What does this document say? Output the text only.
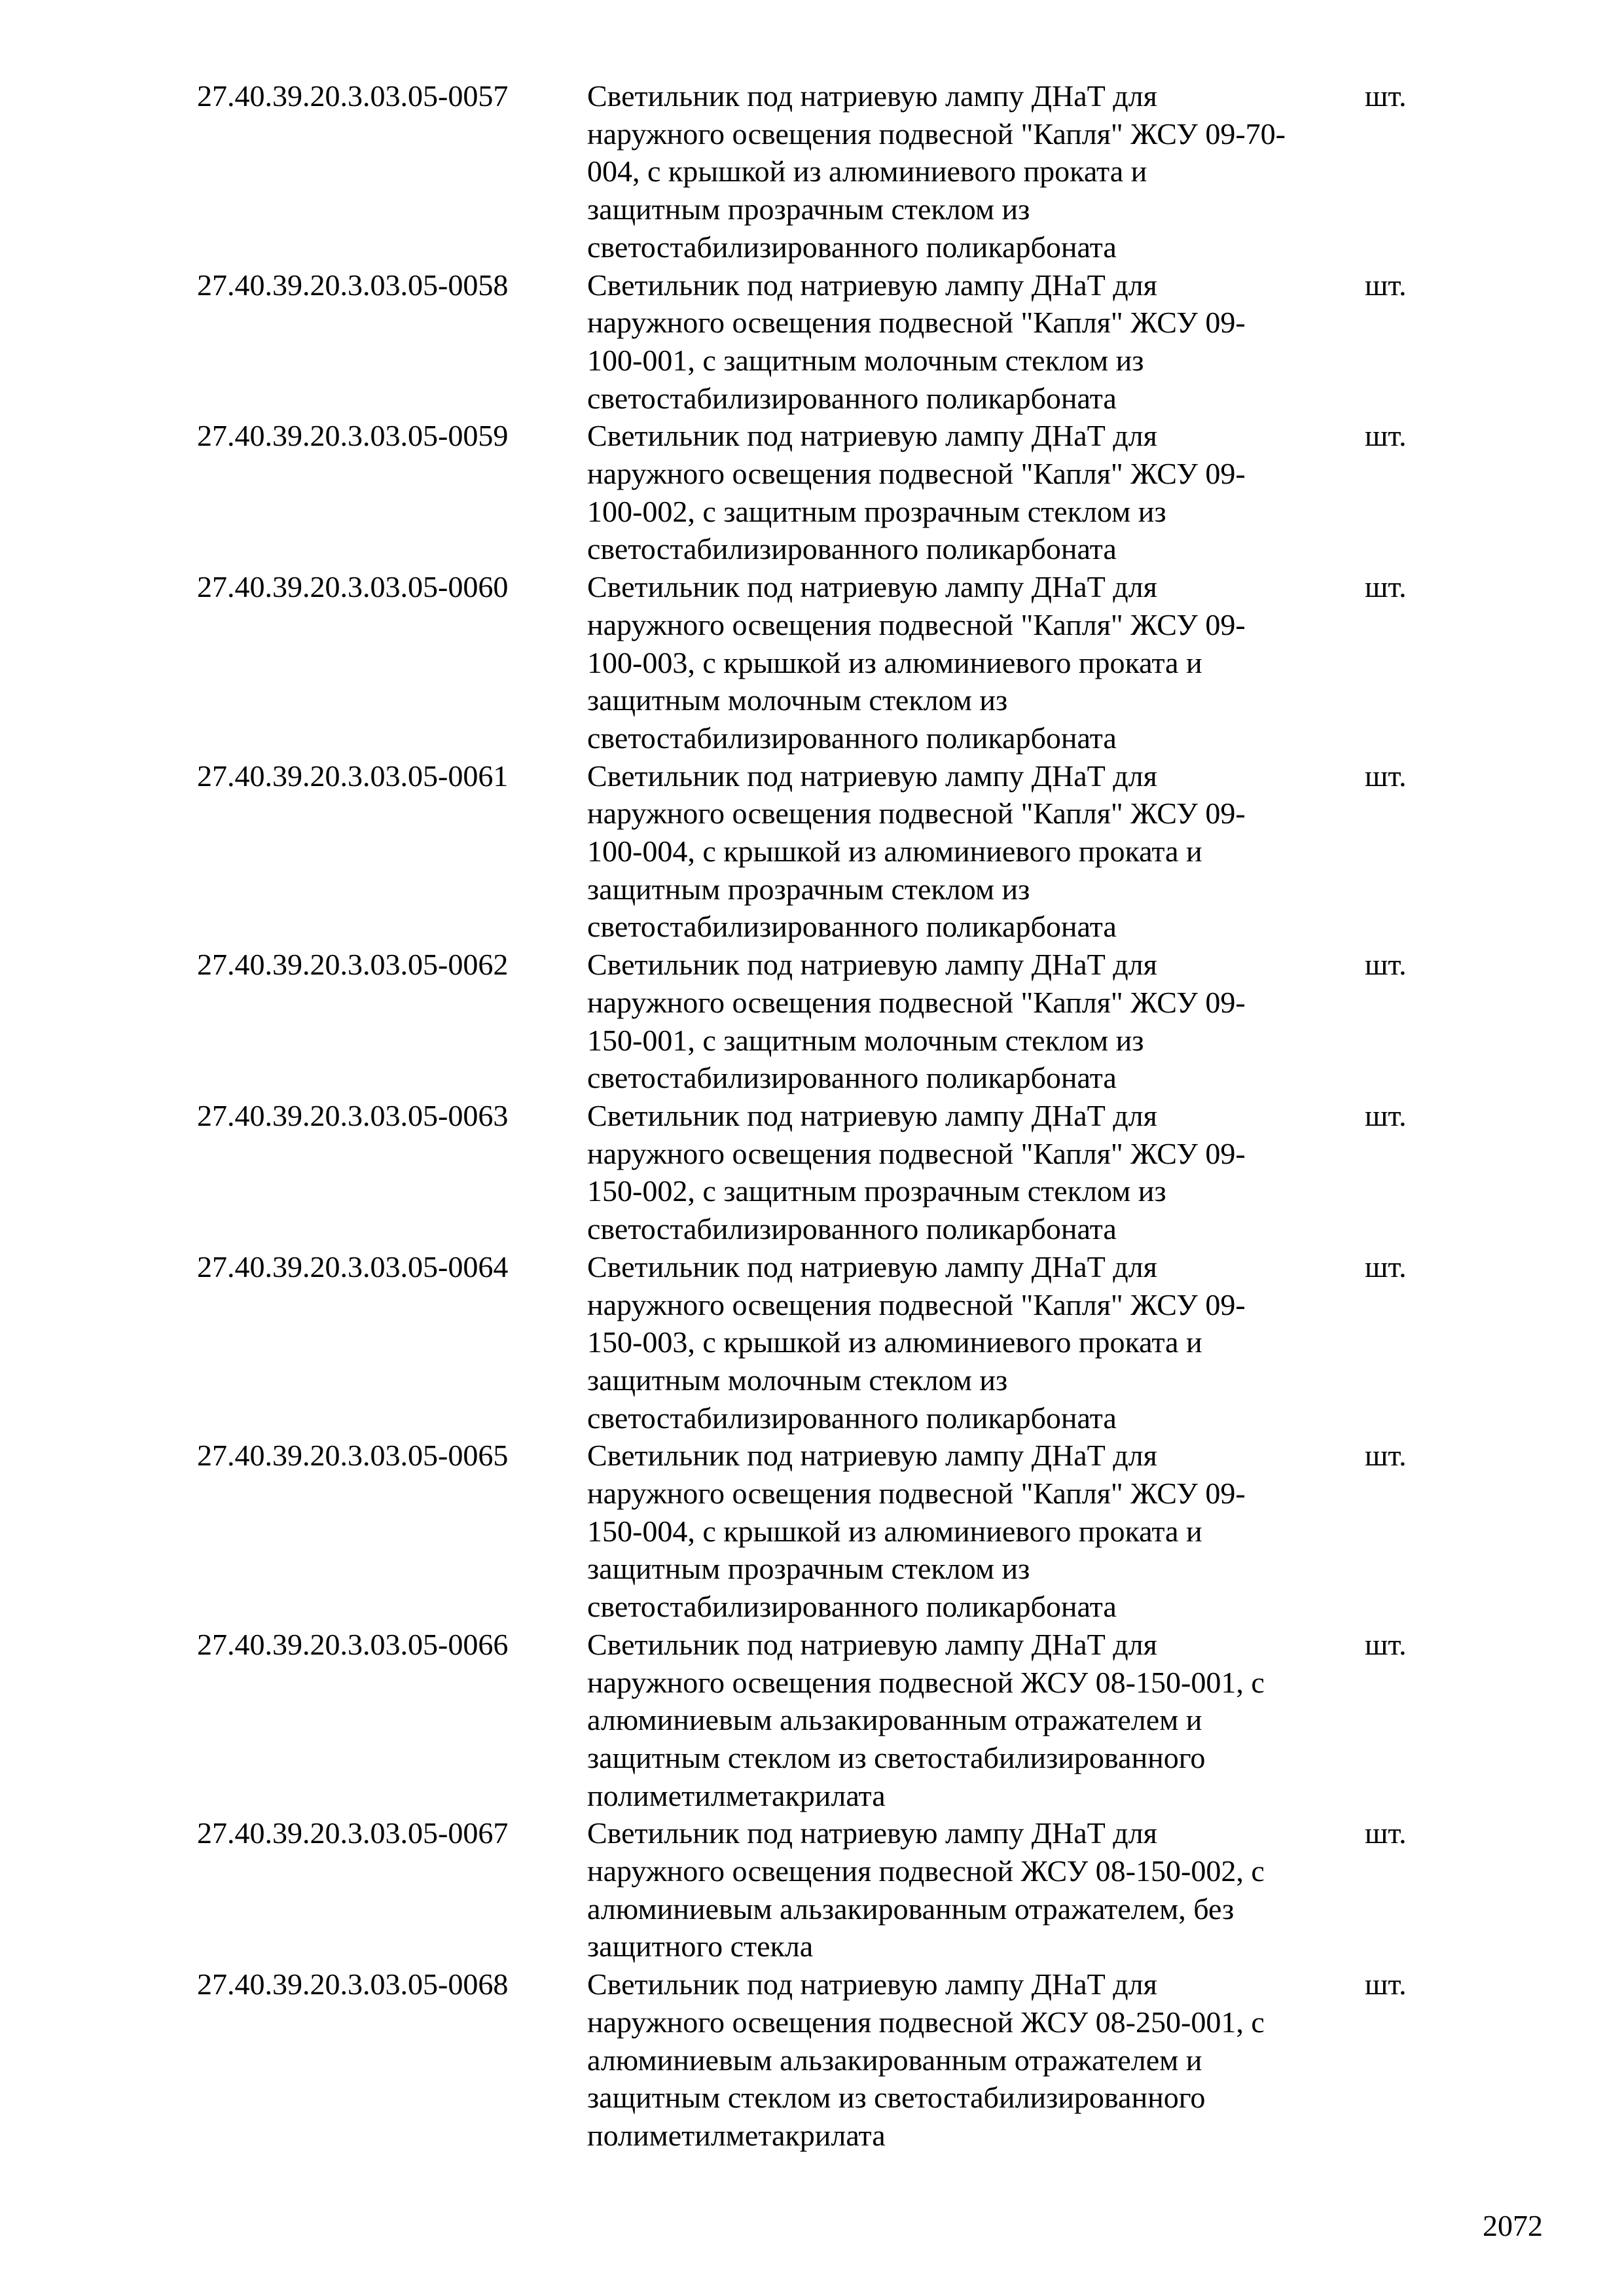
27.40.39.20.3.03.05-0057	Светильник под натриевую лампу ДНаТ для
наружного освещения подвесной "Капля" ЖСУ 09-70-
004, с крышкой из алюминиевого проката и
защитным прозрачным стеклом из
светостабилизированного поликарбоната
шт.
27.40.39.20.3.03.05-0058	Светильник под натриевую лампу ДНаТ для
наружного освещения подвесной "Капля" ЖСУ 09-
100-001, с защитным молочным стеклом из
светостабилизированного поликарбоната
шт.
27.40.39.20.3.03.05-0059	Светильник под натриевую лампу ДНаТ для
наружного освещения подвесной "Капля" ЖСУ 09-
100-002, с защитным прозрачным стеклом из
светостабилизированного поликарбоната
шт.
27.40.39.20.3.03.05-0060	Светильник под натриевую лампу ДНаТ для
наружного освещения подвесной "Капля" ЖСУ 09-
100-003, с крышкой из алюминиевого проката и
защитным молочным стеклом из
светостабилизированного поликарбоната
шт.
27.40.39.20.3.03.05-0061	Светильник под натриевую лампу ДНаТ для
наружного освещения подвесной "Капля" ЖСУ 09-
100-004, с крышкой из алюминиевого проката и
защитным прозрачным стеклом из
светостабилизированного поликарбоната
шт.
27.40.39.20.3.03.05-0062	Светильник под натриевую лампу ДНаТ для
наружного освещения подвесной "Капля" ЖСУ 09-
150-001, с защитным молочным стеклом из
светостабилизированного поликарбоната
шт.
27.40.39.20.3.03.05-0063	Светильник под натриевую лампу ДНаТ для
наружного освещения подвесной "Капля" ЖСУ 09-
150-002, с защитным прозрачным стеклом из
светостабилизированного поликарбоната
шт.
27.40.39.20.3.03.05-0064	Светильник под натриевую лампу ДНаТ для
наружного освещения подвесной "Капля" ЖСУ 09-
150-003, с крышкой из алюминиевого проката и
защитным молочным стеклом из
светостабилизированного поликарбоната
шт.
27.40.39.20.3.03.05-0065	Светильник под натриевую лампу ДНаТ для
наружного освещения подвесной "Капля" ЖСУ 09-
150-004, с крышкой из алюминиевого проката и
защитным прозрачным стеклом из
светостабилизированного поликарбоната
шт.
27.40.39.20.3.03.05-0066	Светильник под натриевую лампу ДНаТ для
наружного освещения подвесной ЖСУ 08-150-001, с
алюминиевым альзакированным отражателем и
защитным стеклом из светостабилизированного
полиметилметакрилата
шт.
27.40.39.20.3.03.05-0067	Светильник под натриевую лампу ДНаТ для
наружного освещения подвесной ЖСУ 08-150-002, с
алюминиевым альзакированным отражателем, без
защитного стекла
шт.
27.40.39.20.3.03.05-0068	Светильник под натриевую лампу ДНаТ для
наружного освещения подвесной ЖСУ 08-250-001, с
алюминиевым альзакированным отражателем и
защитным стеклом из светостабилизированного
полиметилметакрилата
шт.
2072
